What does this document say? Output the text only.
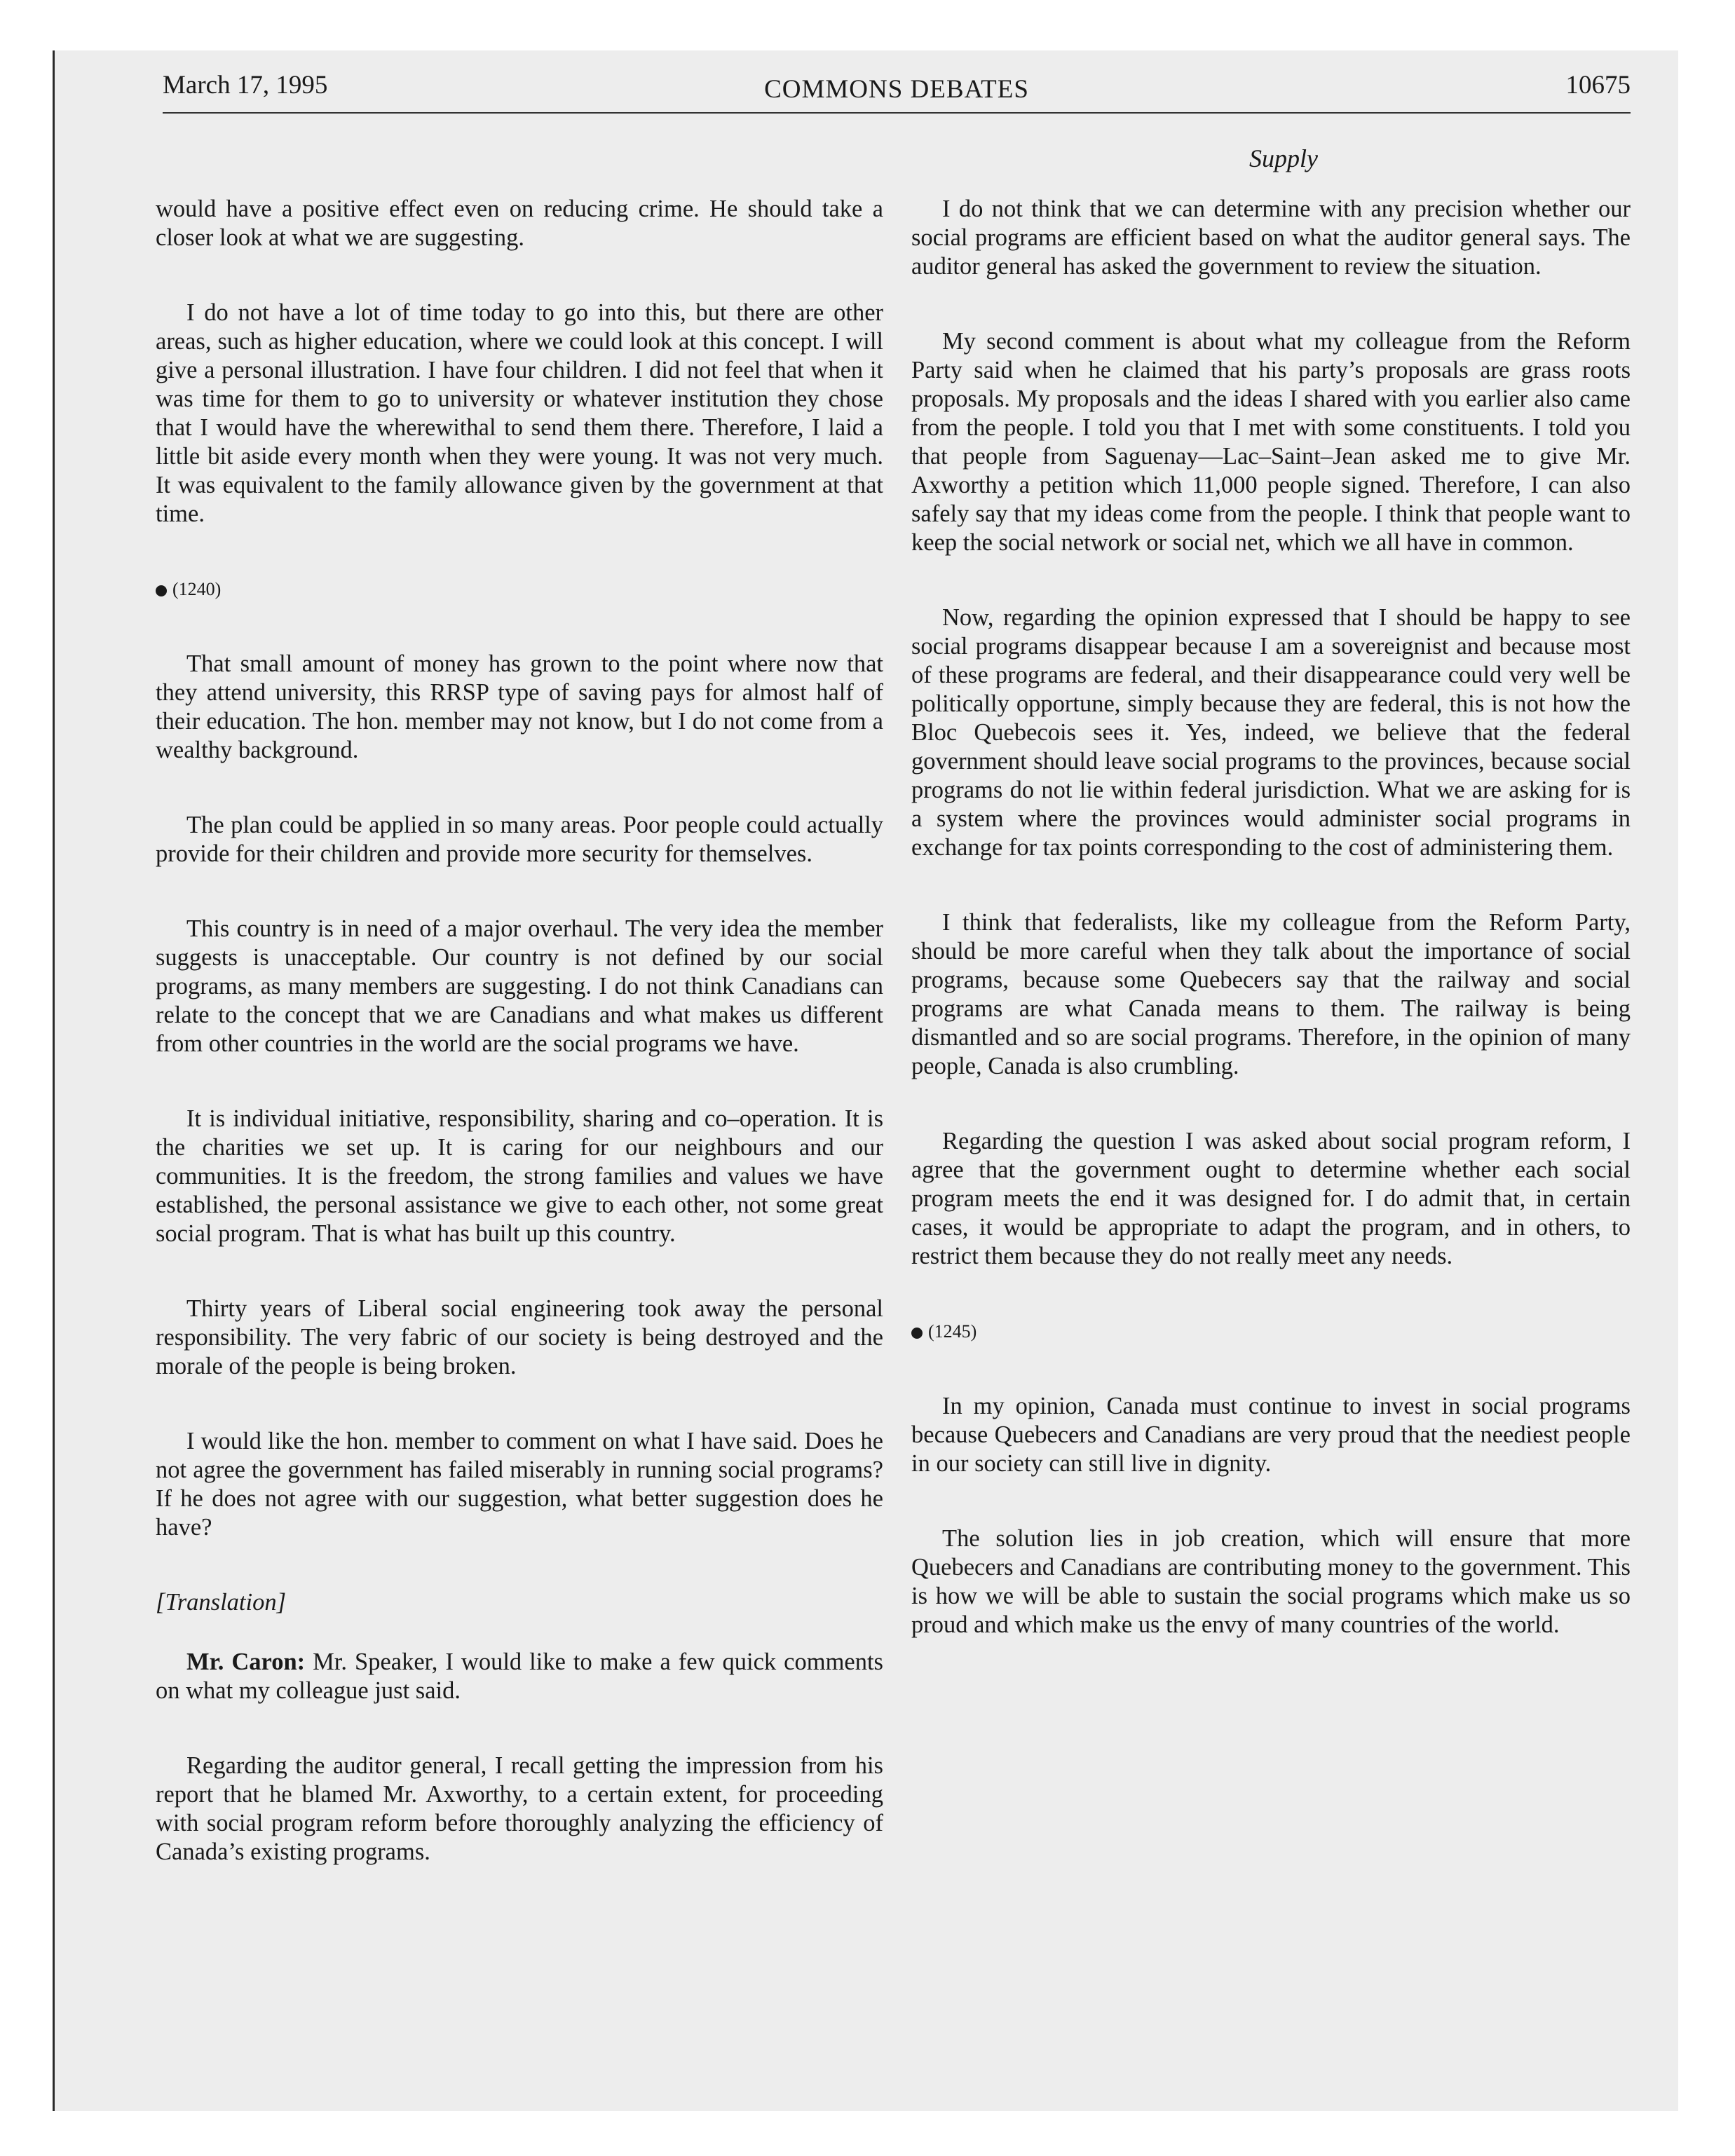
March 17, 1995	COMMONS DEBATES	10675
Supply

would have a positive effect even on reducing crime. He should take a closer look at what we are suggesting.

I do not have a lot of time today to go into this, but there are other areas, such as higher education, where we could look at this concept. I will give a personal illustration. I have four children. I did not feel that when it was time for them to go to university or whatever institution they chose that I would have the wherewithal to send them there. Therefore, I laid a little bit aside every month when they were young. It was not very much. It was equivalent to the family allowance given by the government at that time.

(1240)

That small amount of money has grown to the point where now that they attend university, this RRSP type of saving pays for almost half of their education. The hon. member may not know, but I do not come from a wealthy background.

The plan could be applied in so many areas. Poor people could actually provide for their children and provide more security for themselves.

This country is in need of a major overhaul. The very idea the member suggests is unacceptable. Our country is not defined by our social programs, as many members are suggesting. I do not think Canadians can relate to the concept that we are Canadians and what makes us different from other countries in the world are the social programs we have.

It is individual initiative, responsibility, sharing and co–operation. It is the charities we set up. It is caring for our neighbours and our communities. It is the freedom, the strong families and values we have established, the personal assistance we give to each other, not some great social program. That is what has built up this country.

Thirty years of Liberal social engineering took away the personal responsibility. The very fabric of our society is being destroyed and the morale of the people is being broken.

I would like the hon. member to comment on what I have said. Does he not agree the government has failed miserably in running social programs? If he does not agree with our suggestion, what better suggestion does he have?

[Translation]

Mr. Caron: Mr. Speaker, I would like to make a few quick comments on what my colleague just said.

Regarding the auditor general, I recall getting the impression from his report that he blamed Mr. Axworthy, to a certain extent, for proceeding with social program reform before thoroughly analyzing the efficiency of Canada’s existing programs.

I do not think that we can determine with any precision whether our social programs are efficient based on what the auditor general says. The auditor general has asked the government to review the situation.

My second comment is about what my colleague from the Reform Party said when he claimed that his party’s proposals are grass roots proposals. My proposals and the ideas I shared with you earlier also came from the people. I told you that I met with some constituents. I told you that people from Saguenay—Lac–Saint–Jean asked me to give Mr. Axworthy a petition which 11,000 people signed. Therefore, I can also safely say that my ideas come from the people. I think that people want to keep the social network or social net, which we all have in common.

Now, regarding the opinion expressed that I should be happy to see social programs disappear because I am a sovereignist and because most of these programs are federal, and their disappearance could very well be politically opportune, simply because they are federal, this is not how the Bloc Quebecois sees it. Yes, indeed, we believe that the federal government should leave social programs to the provinces, because social programs do not lie within federal jurisdiction. What we are asking for is a system where the provinces would administer social programs in exchange for tax points corresponding to the cost of administering them.

I think that federalists, like my colleague from the Reform Party, should be more careful when they talk about the importance of social programs, because some Quebecers say that the railway and social programs are what Canada means to them. The railway is being dismantled and so are social programs. Therefore, in the opinion of many people, Canada is also crumbling.

Regarding the question I was asked about social program reform, I agree that the government ought to determine whether each social program meets the end it was designed for. I do admit that, in certain cases, it would be appropriate to adapt the program, and in others, to restrict them because they do not really meet any needs.

(1245)

In my opinion, Canada must continue to invest in social programs because Quebecers and Canadians are very proud that the neediest people in our society can still live in dignity.

The solution lies in job creation, which will ensure that more Quebecers and Canadians are contributing money to the government. This is how we will be able to sustain the social programs which make us so proud and which make us the envy of many countries of the world.
